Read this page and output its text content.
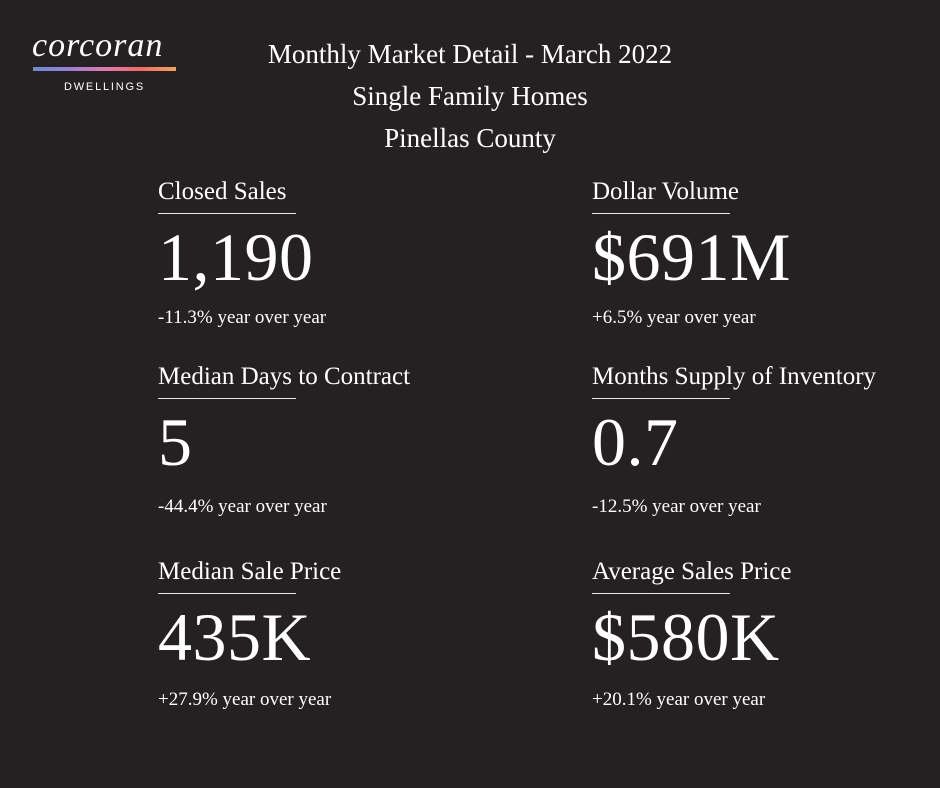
corcoran
DWELLINGS
Monthly Market Detail - March 2022
Single Family Homes
Pinellas County
Closed Sales
1,190
-11.3% year over year
Dollar Volume
$691M
+6.5% year over year
Median Days to Contract
5
-44.4% year over year
Months Supply of Inventory
0.7
-12.5% year over year
Median Sale Price
435K
+27.9% year over year
Average Sales Price
$580K
+20.1% year over year
